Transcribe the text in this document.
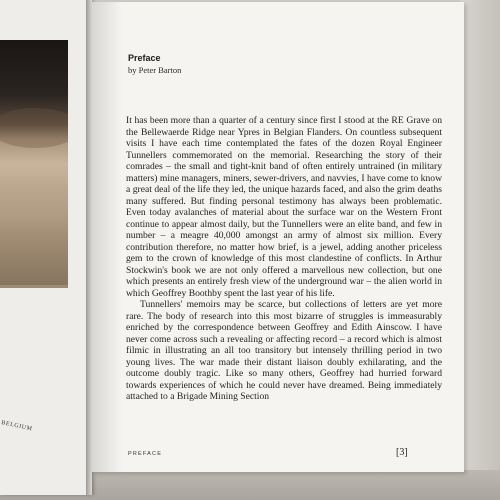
BELGIUM
Preface
by Peter Barton

It has been more than a quarter of a century since first I stood at the RE Grave on the Bellewaerde Ridge near Ypres in Belgian Flanders. On countless subsequent visits I have each time contemplated the fates of the dozen Royal Engineer Tunnellers commemorated on the memorial. Researching the story of their comrades – the small and tight-knit band of often entirely untrained (in military matters) mine managers, miners, sewer-drivers, and navvies, I have come to know a great deal of the life they led, the unique hazards faced, and also the grim deaths many suffered. But finding personal testimony has always been problematic. Even today avalanches of material about the surface war on the Western Front continue to appear almost daily, but the Tunnellers were an elite band, and few in number – a meagre 40,000 amongst an army of almost six million. Every contribution therefore, no matter how brief, is a jewel, adding another priceless gem to the crown of knowledge of this most clandestine of conflicts. In Arthur Stockwin's book we are not only offered a marvellous new collection, but one which presents an entirely fresh view of the underground war – the alien world in which Geoffrey Boothby spent the last year of his life.

Tunnellers' memoirs may be scarce, but collections of letters are yet more rare. The body of research into this most bizarre of struggles is immeasurably enriched by the correspondence between Geoffrey and Edith Ainscow. I have never come across such a revealing or affecting record – a record which is almost filmic in illustrating an all too transitory but intensely thrilling period in two young lives. The war made their distant liaison doubly exhilarating, and the outcome doubly tragic. Like so many others, Geoffrey had hurried forward towards experiences of which he could never have dreamed. Being immediately attached to a Brigade Mining Section

PREFACE	[3]
